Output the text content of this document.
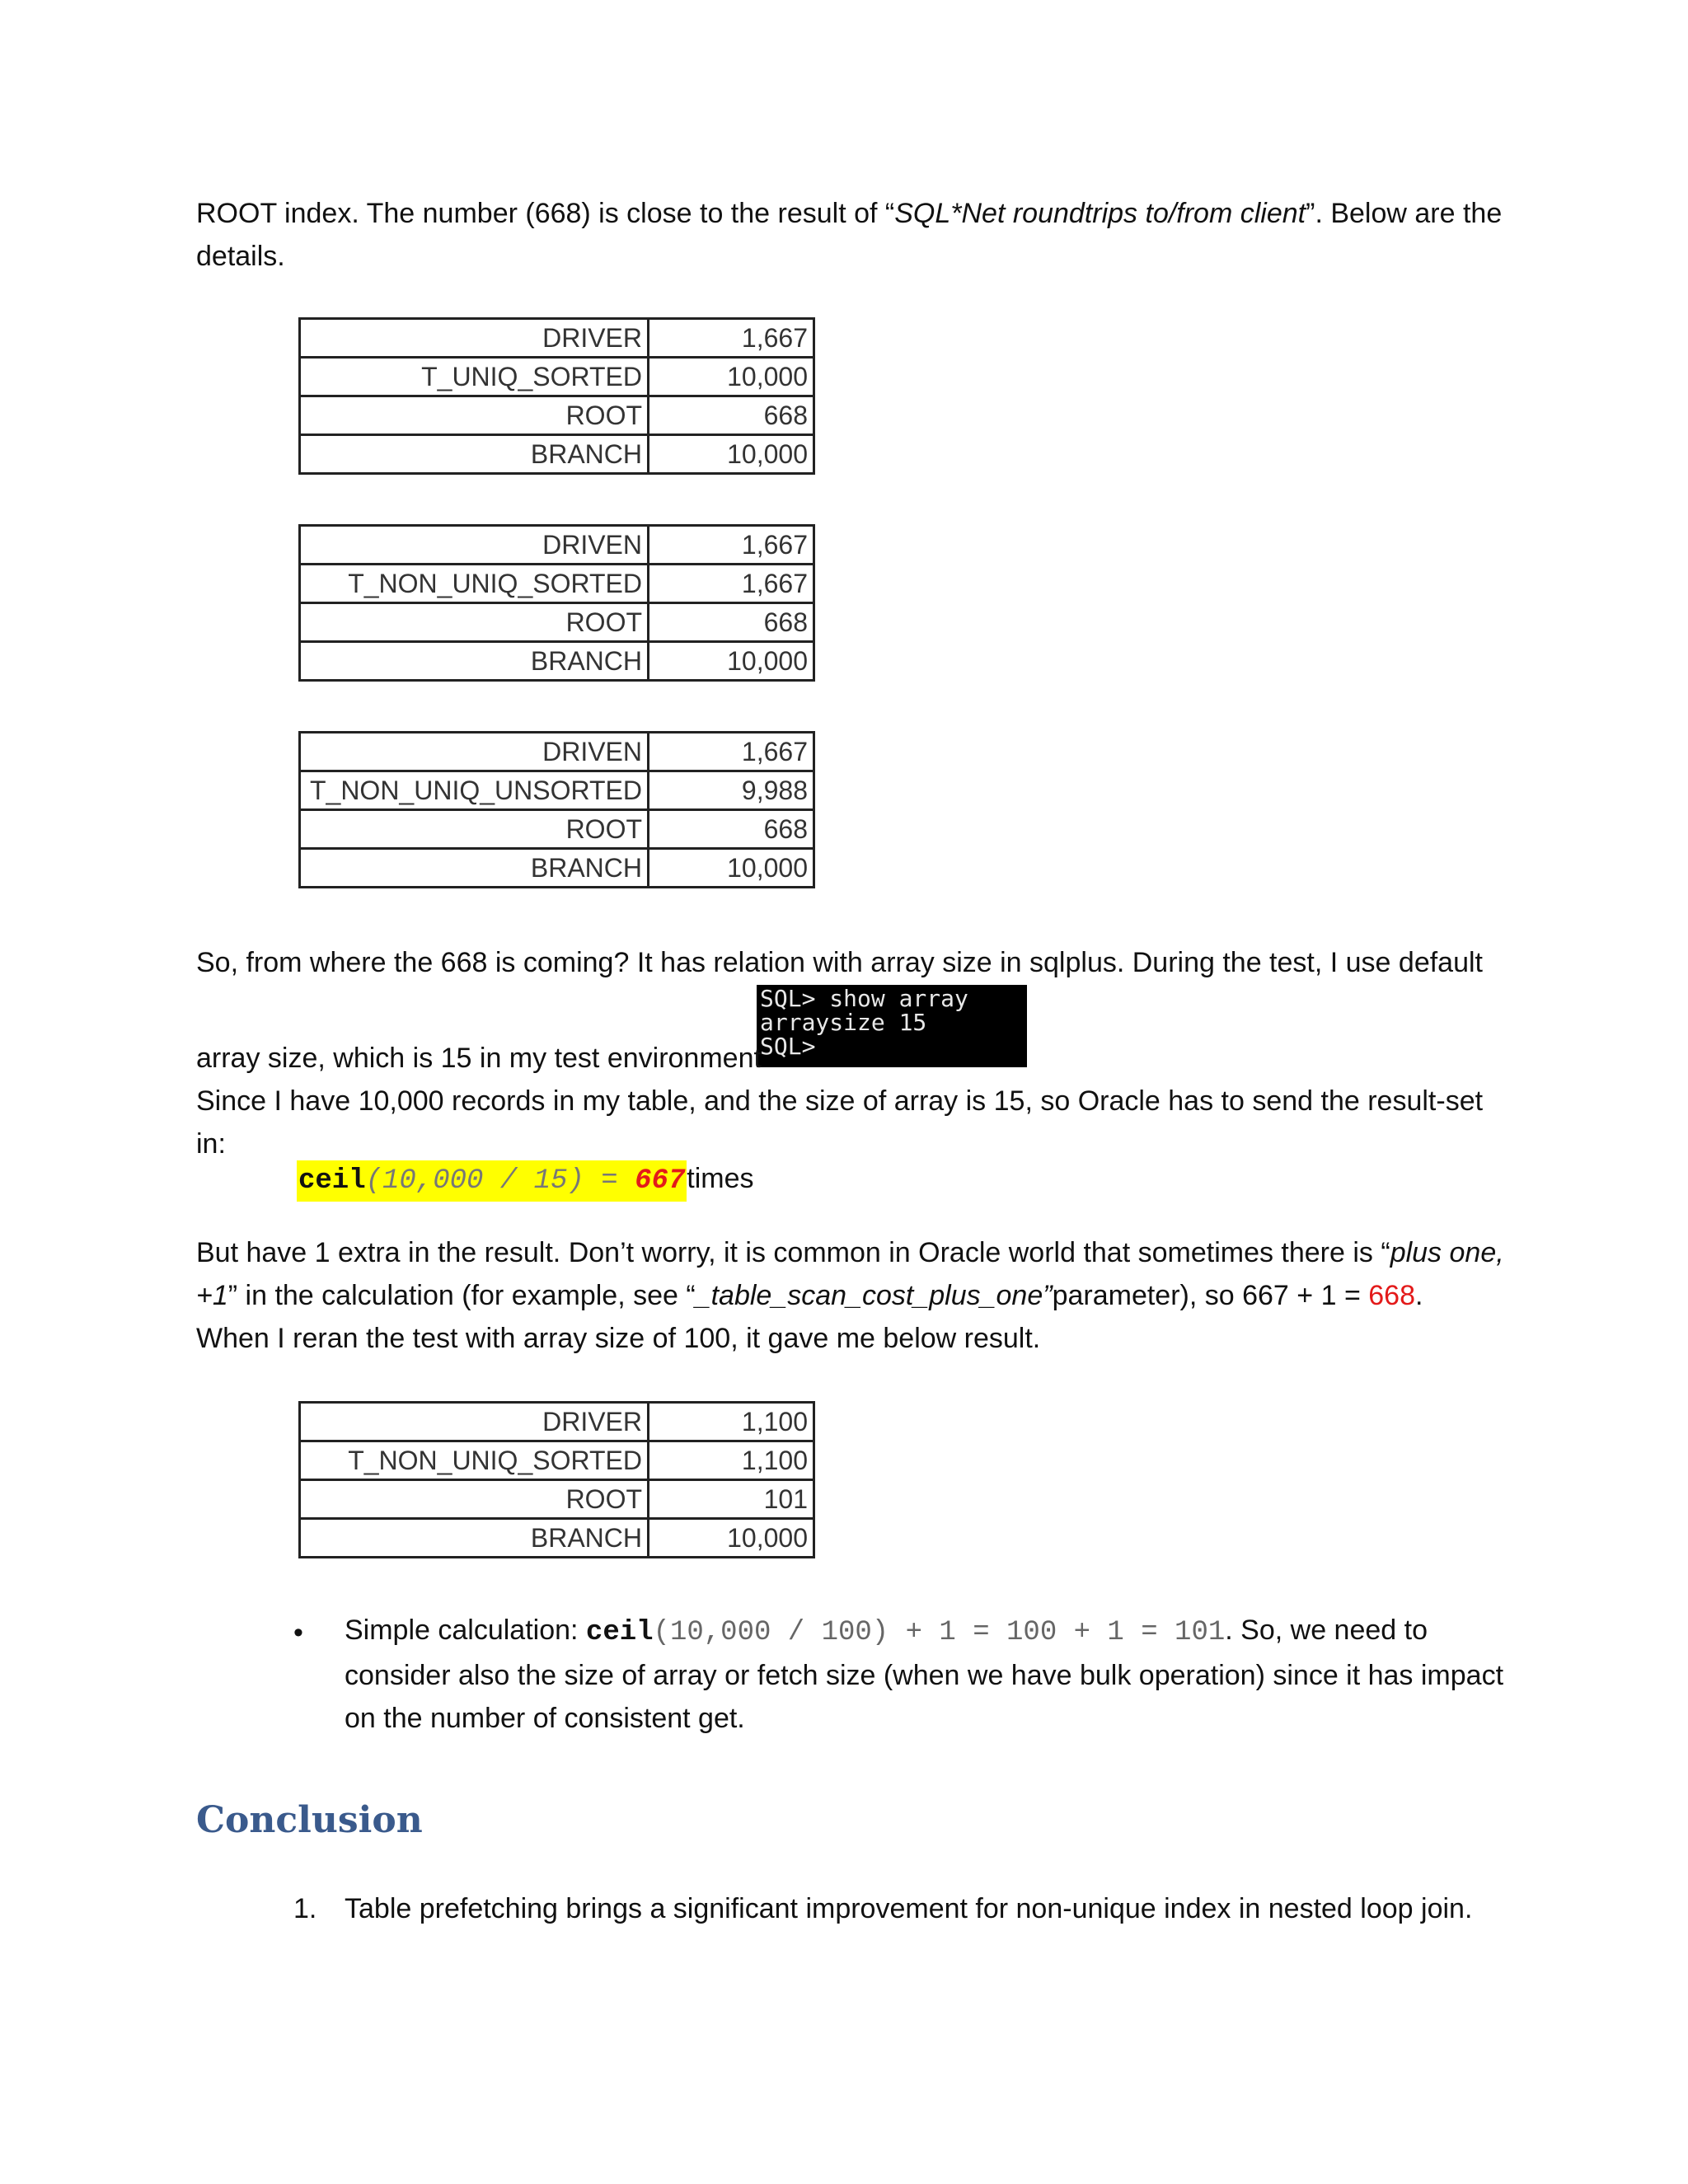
ROOT index. The number (668) is close to the result of “SQL*Net roundtrips to/from client”. Below are the details.

DRIVER	1,667
T_UNIQ_SORTED	10,000
ROOT	668
BRANCH	10,000
DRIVEN	1,667
T_NON_UNIQ_SORTED	1,667
ROOT	668
BRANCH	10,000
DRIVEN	1,667
T_NON_UNIQ_UNSORTED	9,988
ROOT	668
BRANCH	10,000

So, from where the 668 is coming? It has relation with array size in sqlplus. During the test, I use default

SQL> show array
arraysize 15
SQL>

array size, which is 15 in my test environment

Since I have 10,000 records in my table, and the size of array is 15, so Oracle has to send the result-set in:

ceil(10,000 / 15) = 667times

But have 1 extra in the result. Don’t worry, it is common in Oracle world that sometimes there is “plus one, +1” in the calculation (for example, see “_table_scan_cost_plus_one”parameter), so 667 + 1 = 668.
When I reran the test with array size of 100, it gave me below result.

DRIVER	1,100
T_NON_UNIQ_SORTED	1,100
ROOT	101
BRANCH	10,000
• Simple calculation: ceil(10,000 / 100) + 1 = 100 + 1 = 101. So, we need to consider also the size of array or fetch size (when we have bulk operation) since it has impact on the number of consistent get.

Conclusion
1. Table prefetching brings a significant improvement for non-unique index in nested loop join.
